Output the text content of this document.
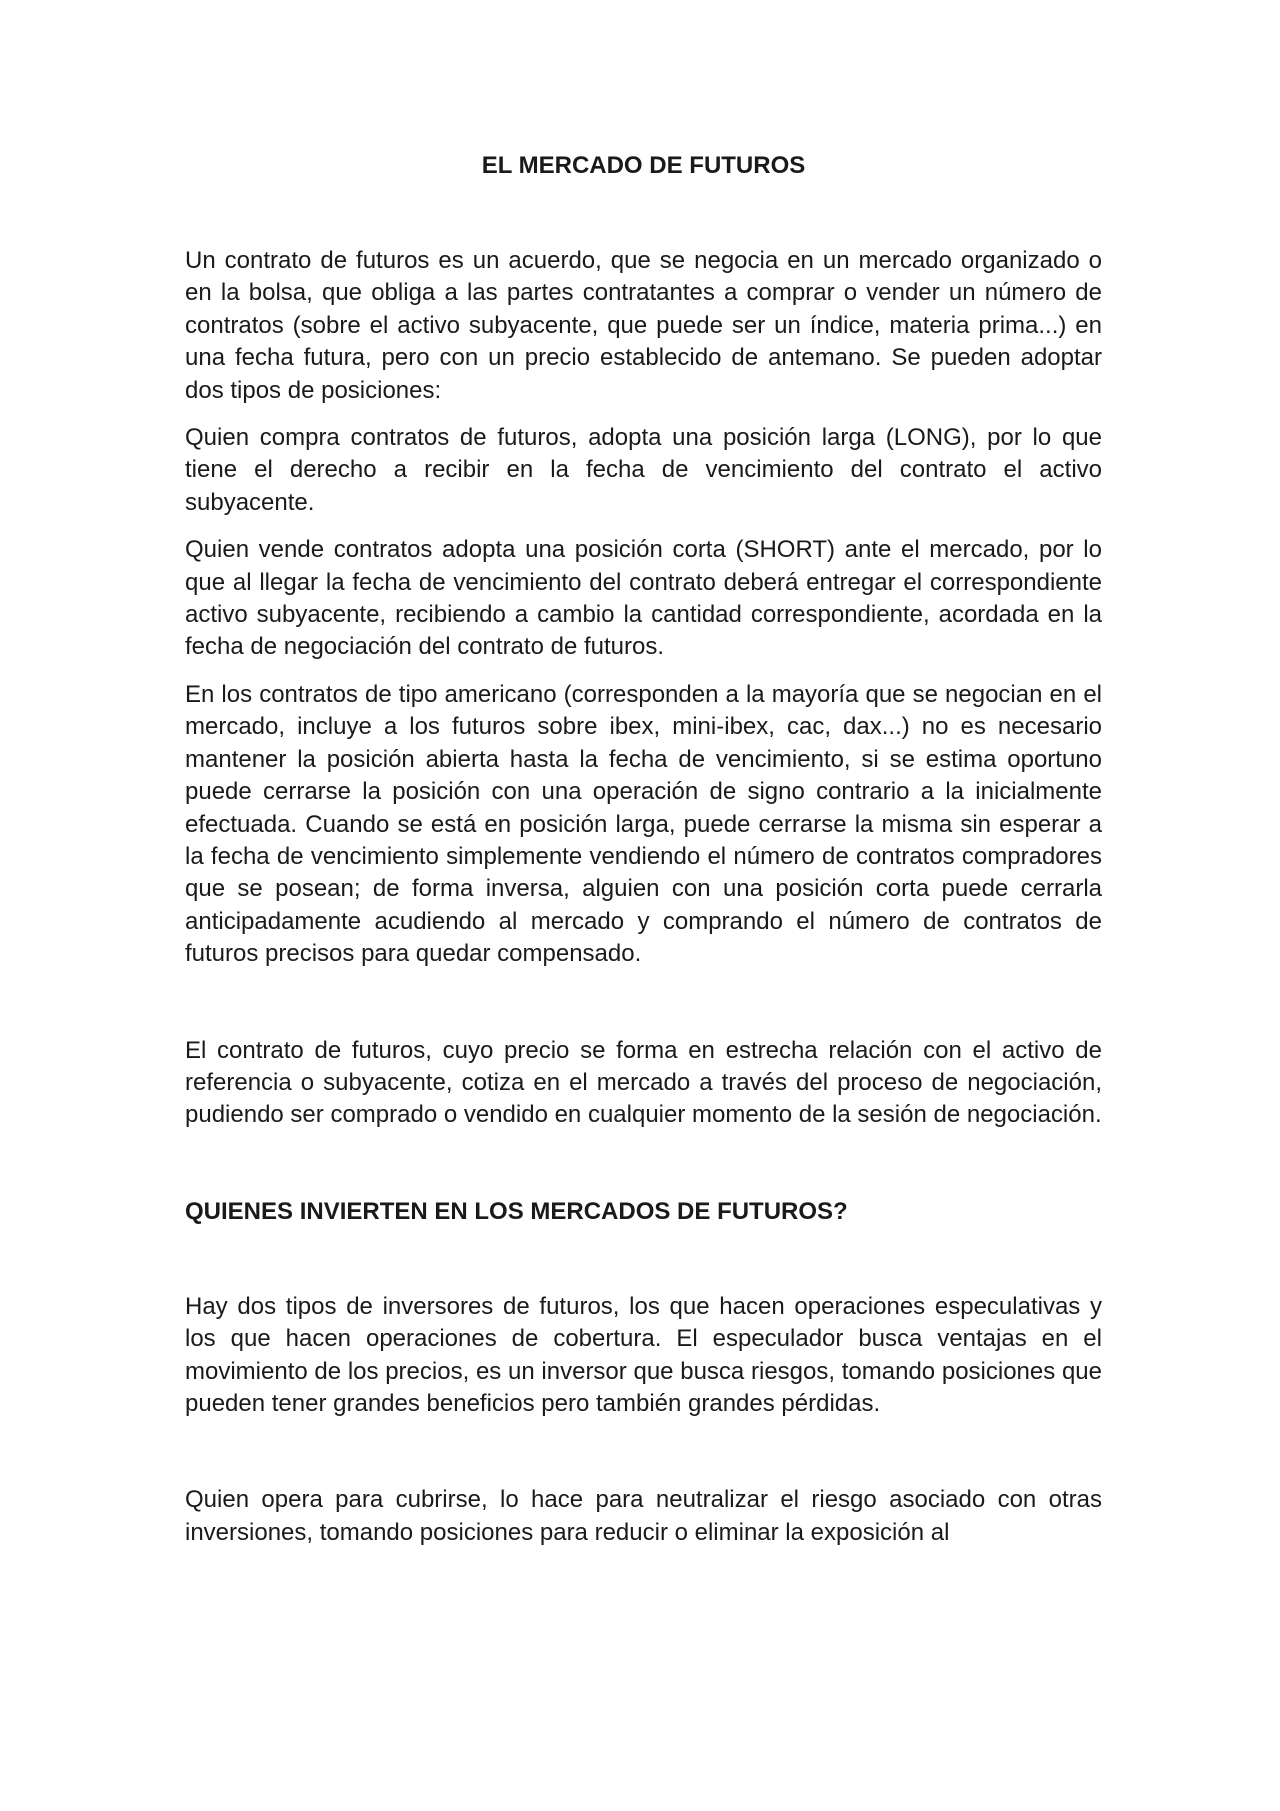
EL MERCADO DE FUTUROS

Un contrato de futuros es un acuerdo, que se negocia en un mercado organizado o en la bolsa, que obliga a las partes contratantes a comprar o vender un número de contratos (sobre el activo subyacente, que puede ser un índice, materia prima...) en una fecha futura, pero con un precio establecido de antemano. Se pueden adoptar dos tipos de posiciones:

Quien compra contratos de futuros, adopta una posición larga (LONG), por lo que tiene el derecho a recibir en la fecha de vencimiento del contrato el activo subyacente.

Quien vende contratos adopta una posición corta (SHORT) ante el mercado, por lo que al llegar la fecha de vencimiento del contrato deberá entregar el correspondiente activo subyacente, recibiendo a cambio la cantidad correspondiente, acordada en la fecha de negociación del contrato de futuros.

En los contratos de tipo americano (corresponden a la mayoría que se negocian en el mercado, incluye a los futuros sobre ibex, mini-ibex, cac, dax...) no es necesario mantener la posición abierta hasta la fecha de vencimiento, si se estima oportuno puede cerrarse la posición con una operación de signo contrario a la inicialmente efectuada. Cuando se está en posición larga, puede cerrarse la misma sin esperar a la fecha de vencimiento simplemente vendiendo el número de contratos compradores que se posean; de forma inversa, alguien con una posición corta puede cerrarla anticipadamente acudiendo al mercado y comprando el número de contratos de futuros precisos para quedar compensado.

El contrato de futuros, cuyo precio se forma en estrecha relación con el activo de referencia o subyacente, cotiza en el mercado a través del proceso de negociación, pudiendo ser comprado o vendido en cualquier momento de la sesión de negociación.

QUIENES INVIERTEN EN LOS MERCADOS DE FUTUROS?

Hay dos tipos de inversores de futuros, los que hacen operaciones especulativas y los que hacen operaciones de cobertura. El especulador busca ventajas en el movimiento de los precios, es un inversor que busca riesgos, tomando posiciones que pueden tener grandes beneficios pero también grandes pérdidas.

Quien opera para cubrirse, lo hace para neutralizar el riesgo asociado con otras inversiones, tomando posiciones para reducir o eliminar la exposición al
